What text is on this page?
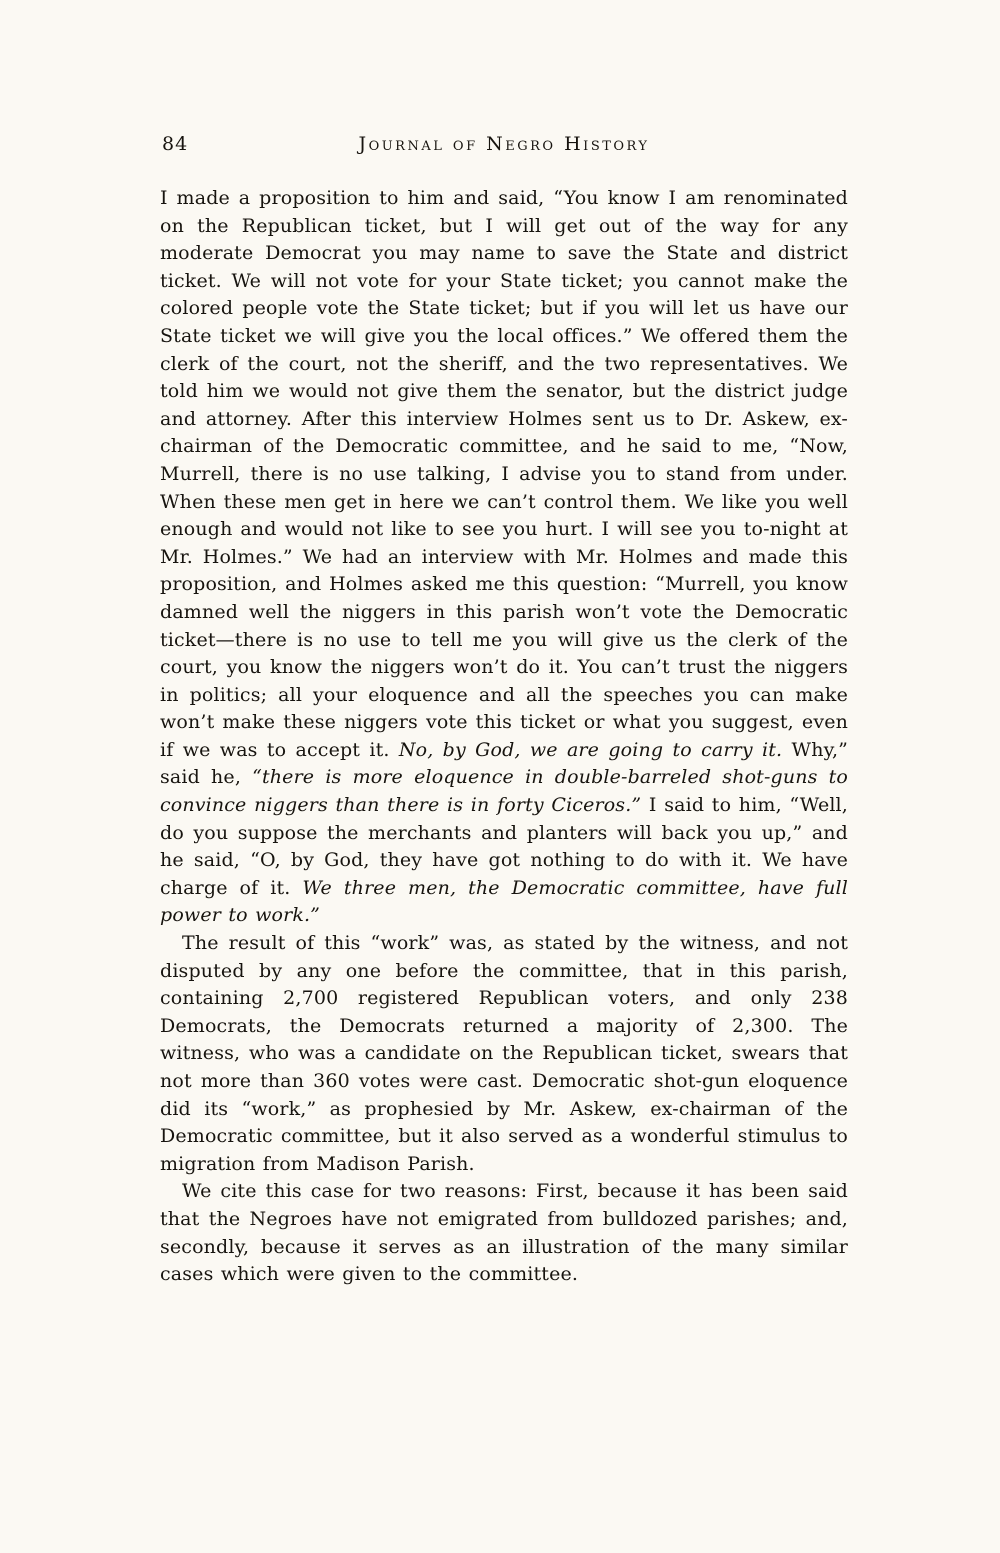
84	Journal of Negro History

I made a proposition to him and said, “You know I am renominated on the Republican ticket, but I will get out of the way for any moderate Democrat you may name to save the State and district ticket. We will not vote for your State ticket; you cannot make the colored people vote the State ticket; but if you will let us have our State ticket we will give you the local offices.” We offered them the clerk of the court, not the sheriff, and the two representatives. We told him we would not give them the senator, but the district judge and attorney. After this interview Holmes sent us to Dr. Askew, ex-chairman of the Democratic committee, and he said to me, “Now, Murrell, there is no use talking, I advise you to stand from under. When these men get in here we can’t control them. We like you well enough and would not like to see you hurt. I will see you to-night at Mr. Holmes.” We had an interview with Mr. Holmes and made this proposition, and Holmes asked me this question: “Murrell, you know damned well the niggers in this parish won’t vote the Democratic ticket—there is no use to tell me you will give us the clerk of the court, you know the niggers won’t do it. You can’t trust the niggers in politics; all your eloquence and all the speeches you can make won’t make these niggers vote this ticket or what you suggest, even if we was to accept it. No, by God, we are going to carry it. Why,” said he, “there is more eloquence in double-barreled shot-guns to convince niggers than there is in forty Ciceros.” I said to him, “Well, do you suppose the merchants and planters will back you up,” and he said, “O, by God, they have got nothing to do with it. We have charge of it. We three men, the Democratic committee, have full power to work.”

The result of this “work” was, as stated by the witness, and not disputed by any one before the committee, that in this parish, containing 2,700 registered Republican voters, and only 238 Democrats, the Democrats returned a majority of 2,300. The witness, who was a candidate on the Republican ticket, swears that not more than 360 votes were cast. Democratic shot-gun eloquence did its “work,” as prophesied by Mr. Askew, ex-chairman of the Democratic committee, but it also served as a wonderful stimulus to migration from Madison Parish.

We cite this case for two reasons: First, because it has been said that the Negroes have not emigrated from bulldozed parishes; and, secondly, because it serves as an illustration of the many similar cases which were given to the committee.
